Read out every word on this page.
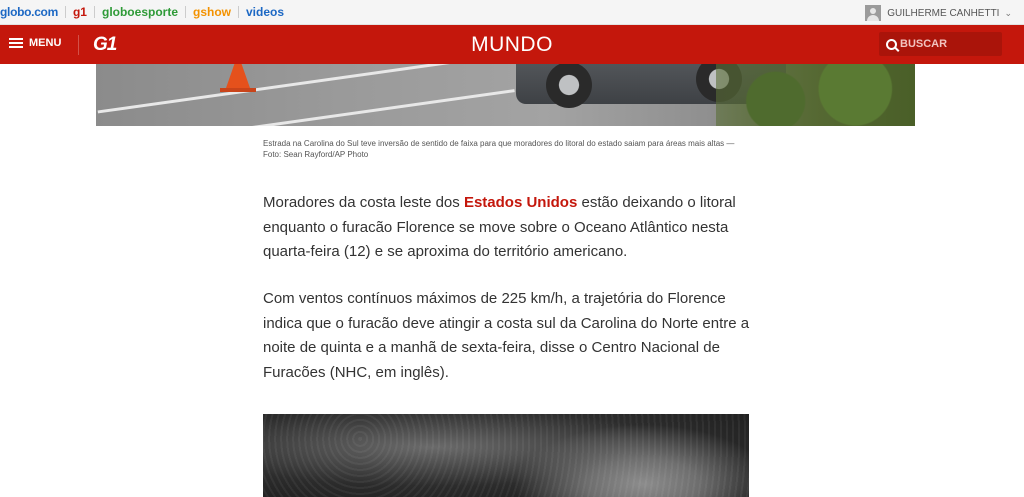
globo.com g1 globoesporte gshow videos	GUILHERME CANHETTI ⌄
MENU G1	MUNDO	BUSCAR
Estrada na Carolina do Sul teve inversão de sentido de faixa para que moradores do litoral do estado saiam para áreas mais altas — Foto: Sean Rayford/AP Photo

Moradores da costa leste dos Estados Unidos estão deixando o litoral enquanto o furacão Florence se move sobre o Oceano Atlântico nesta quarta-feira (12) e se aproxima do território americano.

Com ventos contínuos máximos de 225 km/h, a trajetória do Florence indica que o furacão deve atingir a costa sul da Carolina do Norte entre a noite de quinta e a manhã de sexta-feira, disse o Centro Nacional de Furacões (NHC, em inglês).
